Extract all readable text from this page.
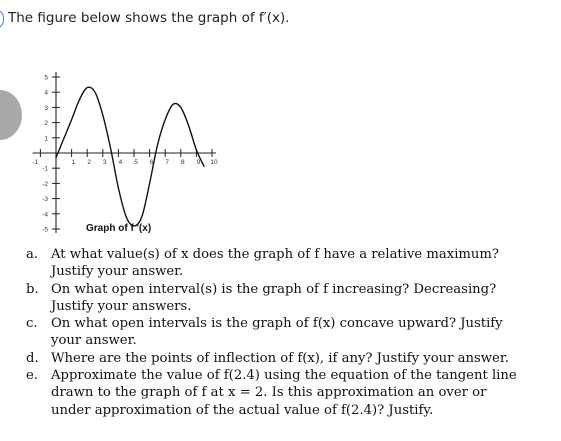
The figure below shows the graph of f′(x).
-1	1 2 3 4 5 6 7 8 9 10
5
4
3
2
1
-1
-2
-3
-4
-5	Graph of f '(x)
a. At what value(s) of x does the graph of f have a relative maximum?
Justify your answer.
b. On what open interval(s) is the graph of f increasing? Decreasing?
Justify your answers.
c. On what open intervals is the graph of f(x) concave upward? Justify
your answer.
d. Where are the points of inflection of f(x), if any? Justify your answer.
e. Approximate the value of f(2.4) using the equation of the tangent line
drawn to the graph of f at x = 2. Is this approximation an over or
under approximation of the actual value of f(2.4)? Justify.
